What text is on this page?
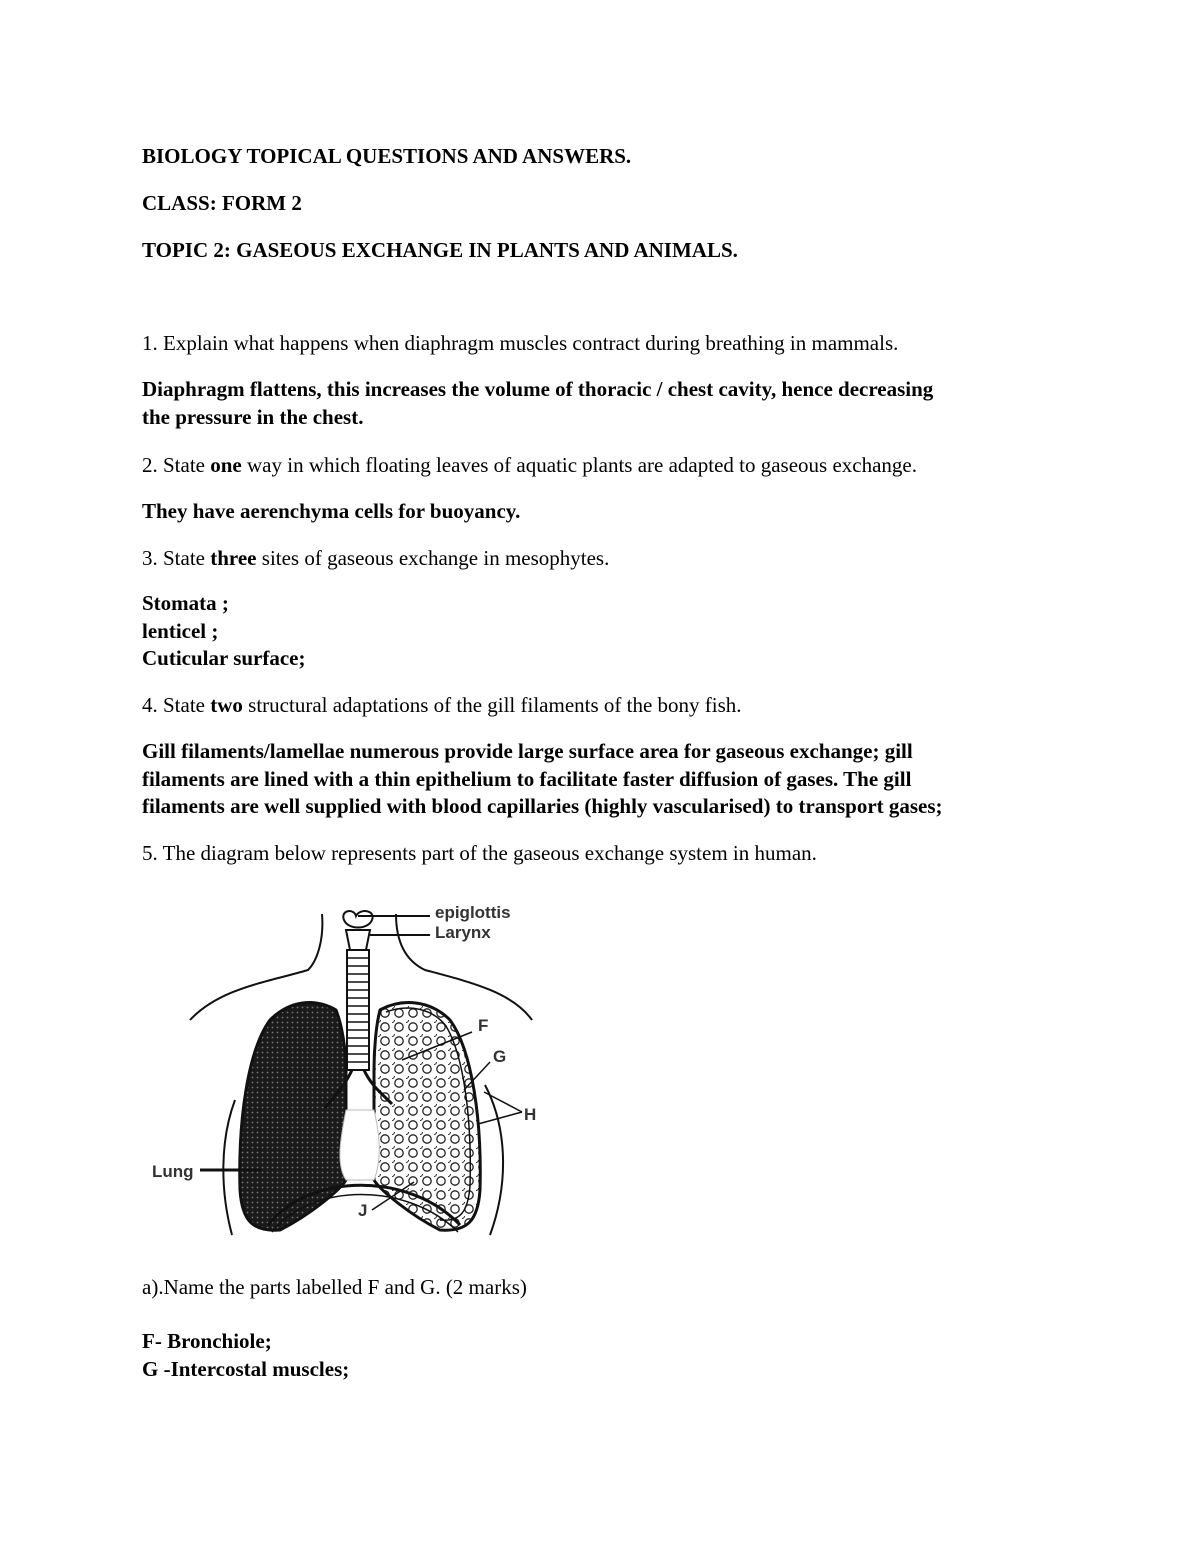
BIOLOGY TOPICAL QUESTIONS AND ANSWERS.

CLASS: FORM 2

TOPIC 2: GASEOUS EXCHANGE IN PLANTS AND ANIMALS.

1. Explain what happens when diaphragm muscles contract during breathing in mammals.

Diaphragm flattens, this increases the volume of thoracic / chest cavity, hence decreasing
the pressure in the chest.

2. State one way in which floating leaves of aquatic plants are adapted to gaseous exchange.

They have aerenchyma cells for buoyancy.

3. State three sites of gaseous exchange in mesophytes.

Stomata ;
lenticel ;
Cuticular surface;

4. State two structural adaptations of the gill filaments of the bony fish.

Gill filaments/lamellae numerous provide large surface area for gaseous exchange; gill
filaments are lined with a thin epithelium to facilitate faster diffusion of gases. The gill
filaments are well supplied with blood capillaries (highly vascularised) to transport gases;

5. The diagram below represents part of the gaseous exchange system in human.

epiglottis
Larynx
F
G
H
Lung
J

a).Name the parts labelled F and G. (2 marks)

F- Bronchiole;
G -Intercostal muscles;
